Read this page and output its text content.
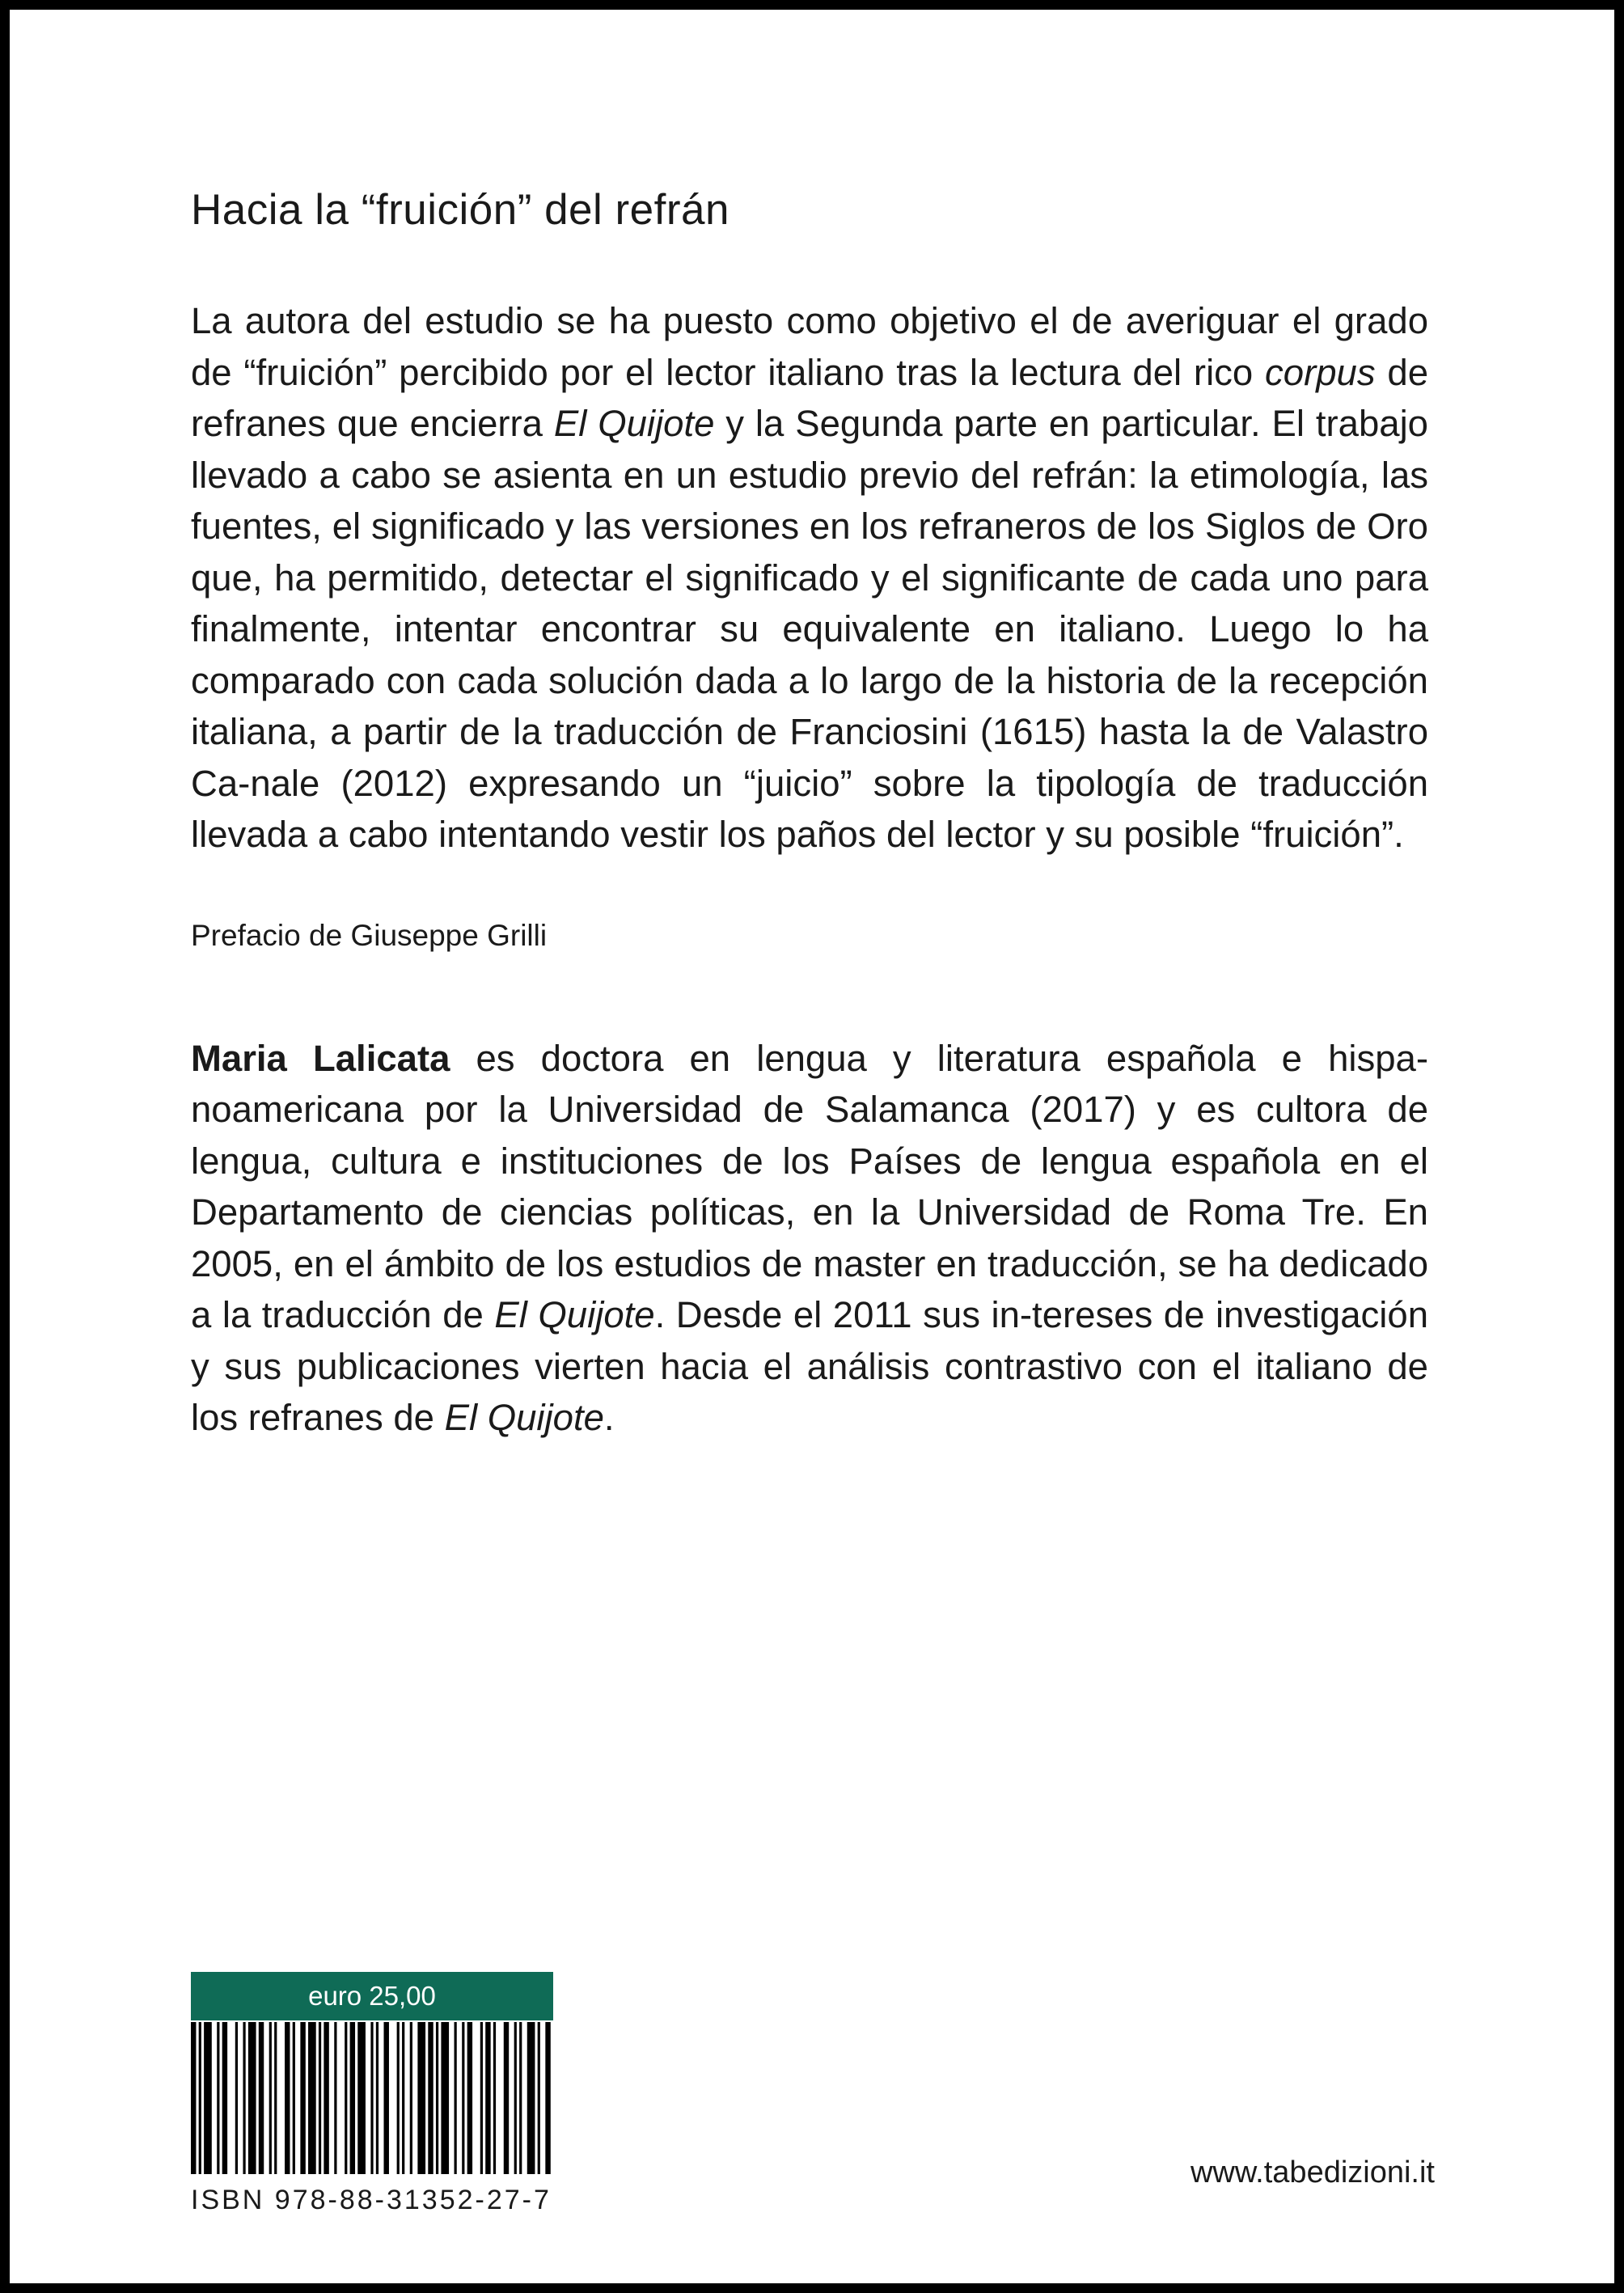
Hacia la “fruición” del refrán

La autora del estudio se ha puesto como objetivo el de averiguar el grado de “fruición” percibido por el lector italiano tras la lectura del rico corpus de refranes que encierra El Quijote y la Segunda parte en particular. El trabajo llevado a cabo se asienta en un estudio previo del refrán: la etimología, las fuentes, el significado y las versiones en los refraneros de los Siglos de Oro que, ha permitido, detectar el significado y el significante de cada uno para finalmente, intentar encontrar su equivalente en italiano. Luego lo ha comparado con cada solución dada a lo largo de la historia de la recepción italiana, a partir de la traducción de Franciosini (1615) hasta la de Valastro Ca-nale (2012) expresando un “juicio” sobre la tipología de traducción llevada a cabo intentando vestir los paños del lector y su posible “fruición”.

Prefacio de Giuseppe Grilli

Maria Lalicata es doctora en lengua y literatura española e hispa-noamericana por la Universidad de Salamanca (2017) y es cultora de lengua, cultura e instituciones de los Países de lengua española en el Departamento de ciencias políticas, en la Universidad de Roma Tre. En 2005, en el ámbito de los estudios de master en traducción, se ha dedicado a la traducción de El Quijote. Desde el 2011 sus in-tereses de investigación y sus publicaciones vierten hacia el análisis contrastivo con el italiano de los refranes de El Quijote.

euro 25,00
ISBN 978-88-31352-27-7
www.tabedizioni.it
